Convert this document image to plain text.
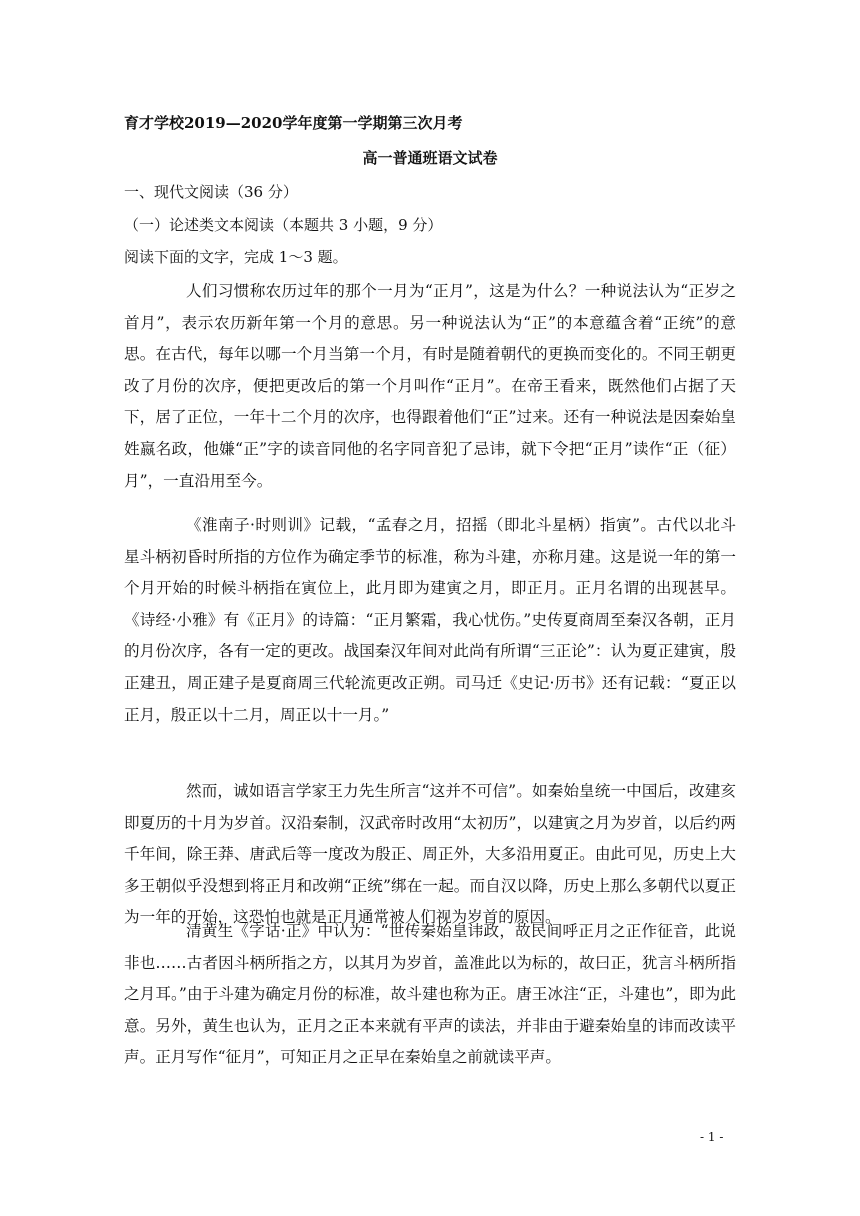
育才学校2019—2020学年度第一学期第三次月考
高一普通班语文试卷
一、现代文阅读（36 分）
（一）论述类文本阅读（本题共 3 小题，9 分）
阅读下面的文字，完成 1～3 题。

人们习惯称农历过年的那个一月为“正月”，这是为什么？一种说法认为“正岁之首月”，表示农历新年第一个月的意思。另一种说法认为“正”的本意蕴含着“正统”的意思。在古代，每年以哪一个月当第一个月，有时是随着朝代的更换而变化的。不同王朝更改了月份的次序，便把更改后的第一个月叫作“正月”。在帝王看来，既然他们占据了天下，居了正位，一年十二个月的次序，也得跟着他们“正”过来。还有一种说法是因秦始皇姓嬴名政，他嫌“正”字的读音同他的名字同音犯了忌讳，就下令把“正月”读作“正（征）月”，一直沿用至今。

《淮南子·时则训》记载，“孟春之月，招摇（即北斗星柄）指寅”。古代以北斗星斗柄初昏时所指的方位作为确定季节的标准，称为斗建，亦称月建。这是说一年的第一个月开始的时候斗柄指在寅位上，此月即为建寅之月，即正月。正月名谓的出现甚早。《诗经·小雅》有《正月》的诗篇：“正月繁霜，我心忧伤。”史传夏商周至秦汉各朝，正月的月份次序，各有一定的更改。战国秦汉年间对此尚有所谓“三正论”：认为夏正建寅，殷正建丑，周正建子是夏商周三代轮流更改正朔。司马迁《史记·历书》还有记载：“夏正以正月，殷正以十二月，周正以十一月。”

然而，诚如语言学家王力先生所言“这并不可信”。如秦始皇统一中国后，改建亥即夏历的十月为岁首。汉沿秦制，汉武帝时改用“太初历”，以建寅之月为岁首，以后约两千年间，除王莽、唐武后等一度改为殷正、周正外，大多沿用夏正。由此可见，历史上大多王朝似乎没想到将正月和改朔“正统”绑在一起。而自汉以降，历史上那么多朝代以夏正为一年的开始，这恐怕也就是正月通常被人们视为岁首的原因。

清黄生《字诂·正》中认为：“世传秦始皇讳政，故民间呼正月之正作征音，此说非也……古者因斗柄所指之方，以其月为岁首，盖准此以为标的，故曰正，犹言斗柄所指之月耳。”由于斗建为确定月份的标准，故斗建也称为正。唐王冰注“正，斗建也”，即为此意。另外，黄生也认为，正月之正本来就有平声的读法，并非由于避秦始皇的讳而改读平声。正月写作“征月”，可知正月之正早在秦始皇之前就读平声。

- 1 -
